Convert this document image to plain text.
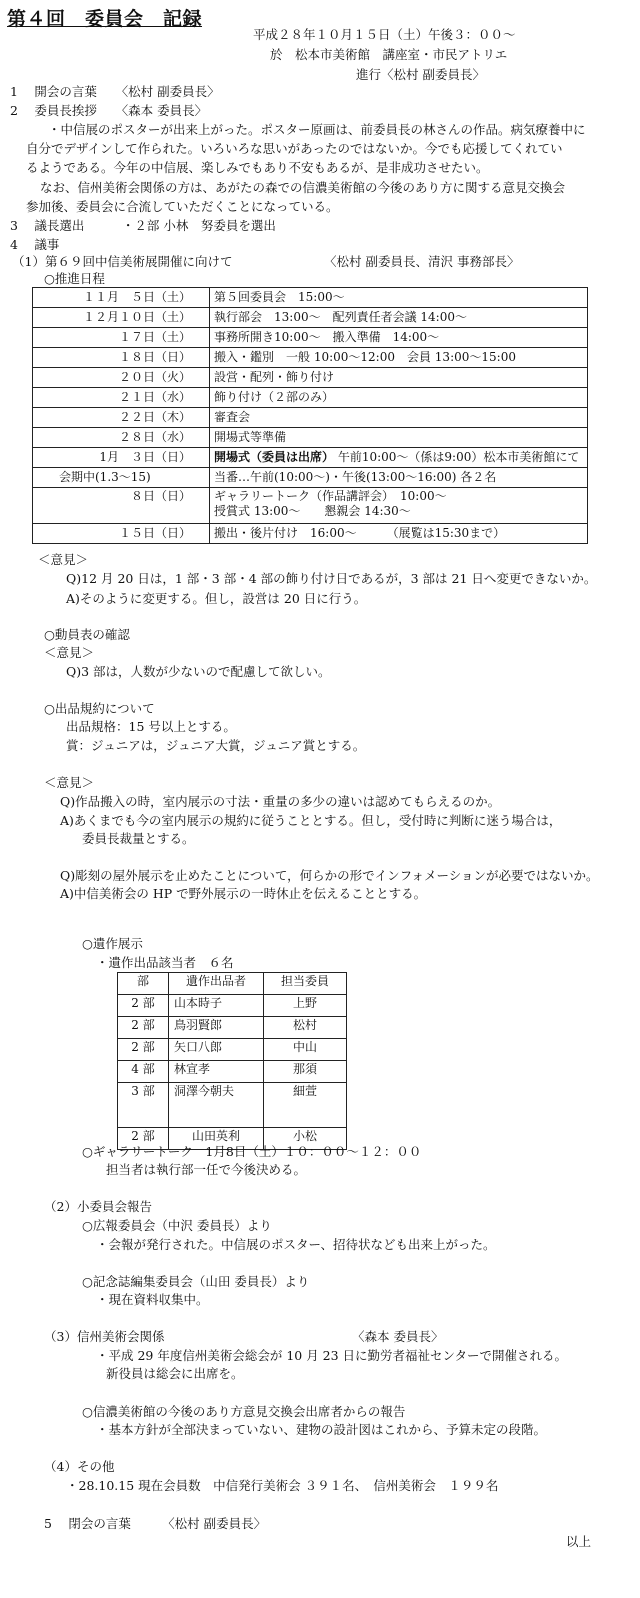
第４回　委員会　記録
平成２８年１０月１５日（土）午後３：００～
於　松本市美術館　講座室・市民アトリエ
進行〈松村 副委員長〉
1　 開会の言葉　　〈松村 副委員長〉
2　 委員長挨拶　　〈森本 委員長〉
・中信展のポスターが出来上がった。ポスター原画は、前委員長の林さんの作品。病気療養中に
自分でデザインして作られた。いろいろな思いがあったのではないか。今でも応援してくれてい
るようである。今年の中信展、楽しみでもあり不安もあるが、是非成功させたい。
なお、信州美術会関係の方は、あがたの森での信濃美術館の今後のあり方に関する意見交換会
参加後、委員会に合流していただくことになっている。
3　 議長選出　　　・２部 小林　努委員を選出
4　 議事
（1）第６９回中信美術展開催に向けて	〈松村 副委員長、清沢 事務部長〉
○推進日程
１１月　５日（土）	第５回委員会　15:00～
１２月１０日（土）	執行部会　13:00～　配列責任者会議 14:00～
１７日（土）	事務所開き10:00～　搬入準備　14:00～
１８日（日）	搬入・鑑別　一般 10:00～12:00　会員 13:00～15:00
２０日（火）	設営・配列・飾り付け
２１日（水）	飾り付け（２部のみ）
２２日（木）	審査会
２８日（水）	開場式等準備
1月　３日（日）	開場式（委員は出席） 午前10:00～（係は9:00）松本市美術館にて
会期中(1.3～15)	当番…午前(10:00～)・午後(13:00～16:00) 各２名
８日（日）	ギャラリートーク（作品講評会）　10:00～
授賞式 13:00～　　懇親会 14:30～

１５日（日）	搬出・後片付け　16:00～　　　（展覧は15:30まで）
＜意見＞
Q)12 月 20 日は，1 部・3 部・4 部の飾り付け日であるが，3 部は 21 日へ変更できないか。
A)そのように変更する。但し，設営は 20 日に行う。
○動員表の確認
＜意見＞
Q)3 部は，人数が少ないので配慮して欲しい。
○出品規約について
出品規格：15 号以上とする。
賞：ジュニアは，ジュニア大賞，ジュニア賞とする。
＜意見＞
Q)作品搬入の時，室内展示の寸法・重量の多少の違いは認めてもらえるのか。
A)あくまでも今の室内展示の規約に従うこととする。但し，受付時に判断に迷う場合は，
委員長裁量とする。
Q)彫刻の屋外展示を止めたことについて，何らかの形でインフォメーションが必要ではないか。
A)中信美術会の HP で野外展示の一時休止を伝えることとする。
○遺作展示
・遺作出品該当者　６名
部	遺作出品者	担当委員
2 部	山本時子	上野
2 部	鳥羽賢郎	松村
2 部	矢口八郎	中山
4 部	林宣孝	那須
3 部	洞澤今朝夫	細萱
2 部	山田英利	小松
○ギャラリートーク　1月8日（土）１０：００～１２：００
担当者は執行部一任で今後決める。
（2）小委員会報告
○広報委員会（中沢 委員長）より
・会報が発行された。中信展のポスター、招待状なども出来上がった。
○記念誌編集委員会（山田 委員長）より
・現在資料収集中。
（3）信州美術会関係	〈森本 委員長〉
・平成 29 年度信州美術会総会が 10 月 23 日に勤労者福祉センターで開催される。
新役員は総会に出席を。
○信濃美術館の今後のあり方意見交換会出席者からの報告
・基本方針が全部決まっていない、建物の設計図はこれから、予算未定の段階。
（4）その他
・28.10.15 現在会員数　中信発行美術会 ３９１名、　信州美術会　１９９名
5　 閉会の言葉　　　〈松村 副委員長〉
以上
